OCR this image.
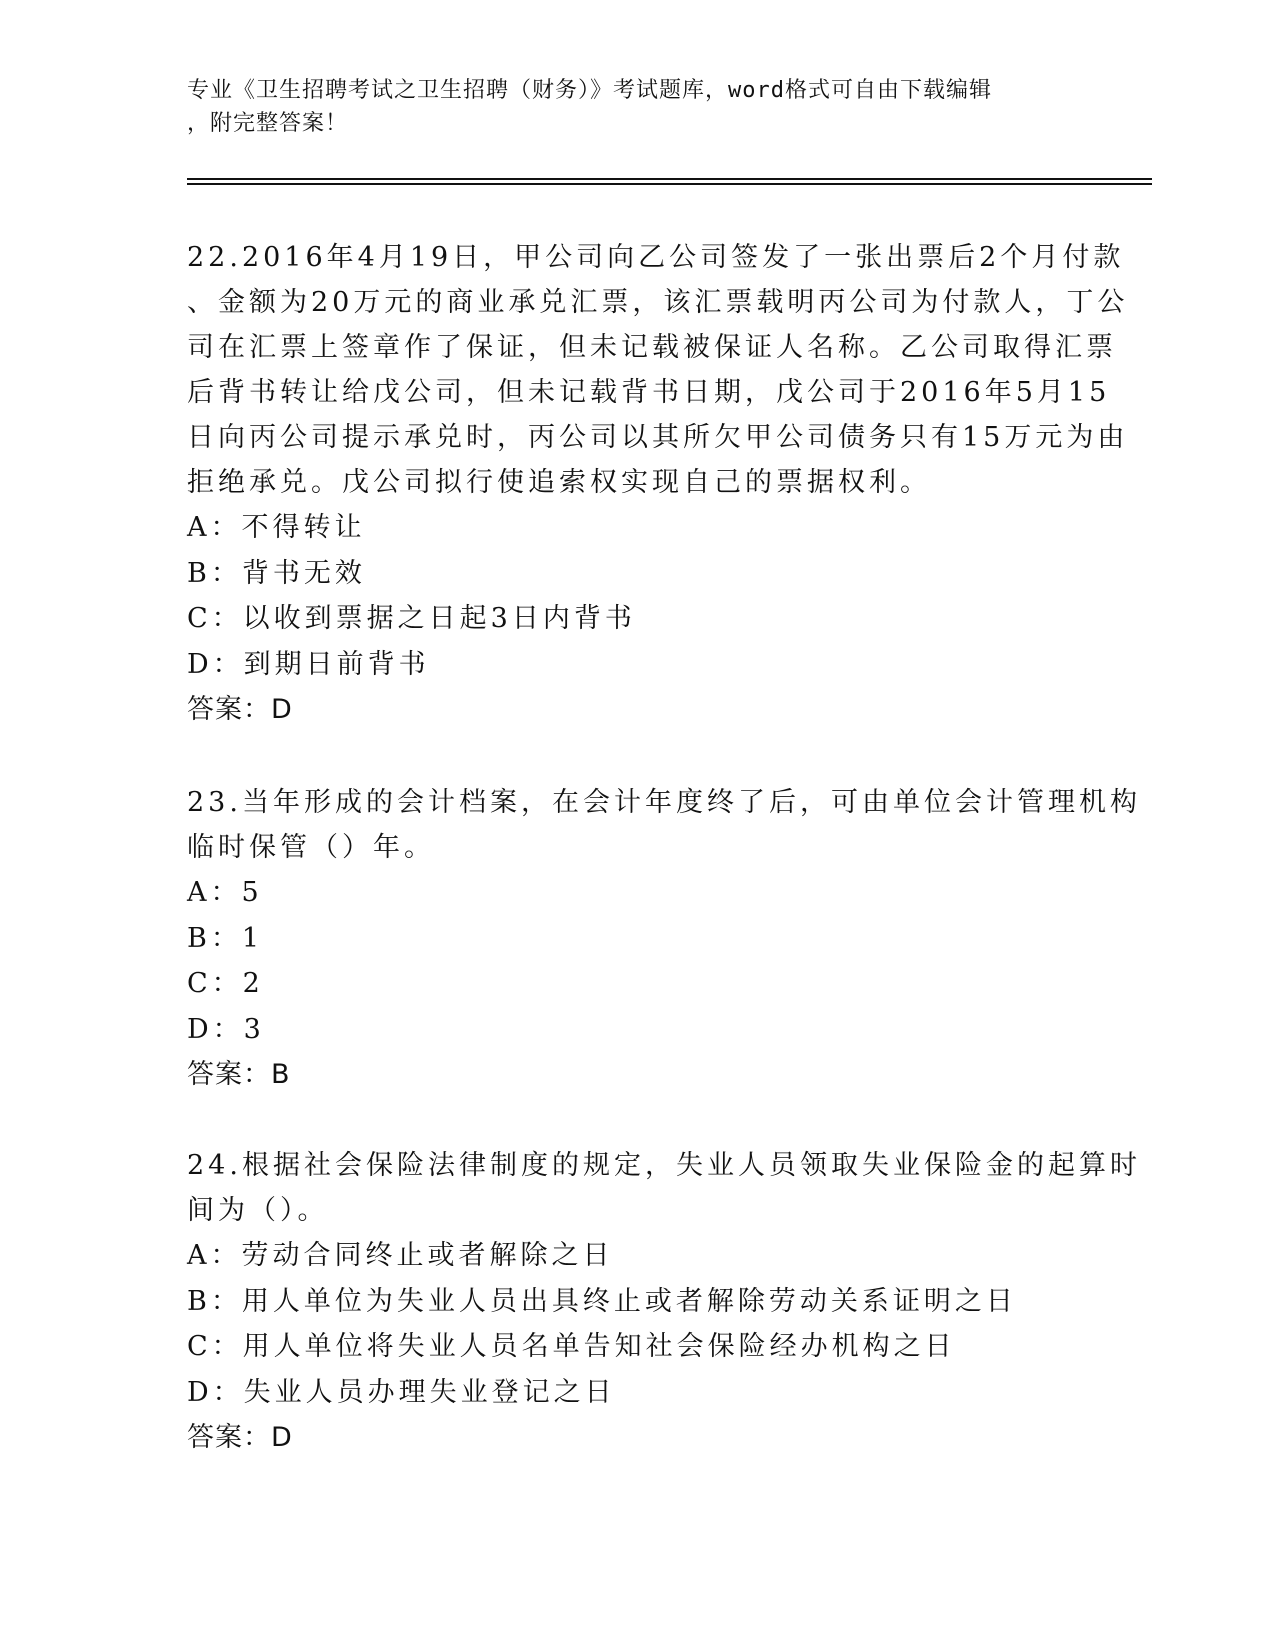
专业《卫生招聘考试之卫生招聘（财务）》考试题库，word格式可自由下载编辑
，附完整答案！
22.2016年4月19日，甲公司向乙公司签发了一张出票后2个月付款
、金额为20万元的商业承兑汇票，该汇票载明丙公司为付款人，丁公
司在汇票上签章作了保证，但未记载被保证人名称。乙公司取得汇票
后背书转让给戊公司，但未记载背书日期，戊公司于2016年5月15
日向丙公司提示承兑时，丙公司以其所欠甲公司债务只有15万元为由
拒绝承兑。戊公司拟行使追索权实现自己的票据权利。
A：不得转让
B：背书无效
C：以收到票据之日起3日内背书
D：到期日前背书
答案：D
23.当年形成的会计档案，在会计年度终了后，可由单位会计管理机构
临时保管（）年。
A：5
B：1
C：2
D：3
答案：B
24.根据社会保险法律制度的规定，失业人员领取失业保险金的起算时
间为（）。
A：劳动合同终止或者解除之日
B：用人单位为失业人员出具终止或者解除劳动关系证明之日
C：用人单位将失业人员名单告知社会保险经办机构之日
D：失业人员办理失业登记之日
答案：D
